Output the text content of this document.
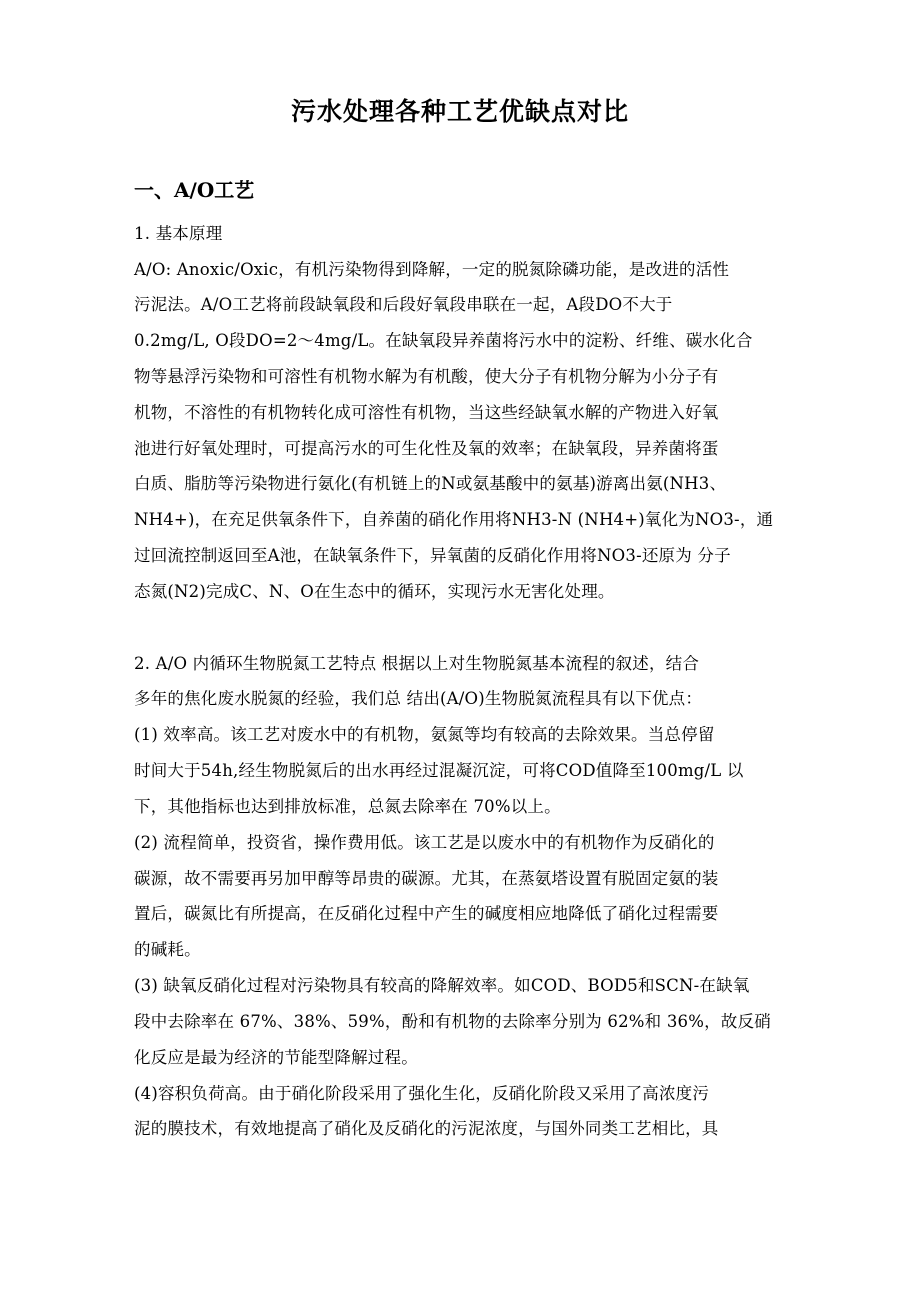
污水处理各种工艺优缺点对比
一、A/O工艺
1. 基本原理
A/O: Anoxic/Oxic，有机污染物得到降解，一定的脱氮除磷功能，是改进的活性
污泥法。A/O工艺将前段缺氧段和后段好氧段串联在一起，A段DO不大于
0.2mg/L, O段DO=2～4mg/L。在缺氧段异养菌将污水中的淀粉、纤维、碳水化合
物等悬浮污染物和可溶性有机物水解为有机酸，使大分子有机物分解为小分子有
机物，不溶性的有机物转化成可溶性有机物，当这些经缺氧水解的产物进入好氧
池进行好氧处理时，可提高污水的可生化性及氧的效率；在缺氧段，异养菌将蛋
白质、脂肪等污染物进行氨化(有机链上的N或氨基酸中的氨基)游离出氨(NH3、
NH4+)，在充足供氧条件下，自养菌的硝化作用将NH3-N (NH4+)氧化为NO3-，通
过回流控制返回至A池，在缺氧条件下，异氧菌的反硝化作用将NO3-还原为 分子
态氮(N2)完成C、N、O在生态中的循环，实现污水无害化处理。
2. A/O 内循环生物脱氮工艺特点 根据以上对生物脱氮基本流程的叙述，结合
多年的焦化废水脱氮的经验，我们总 结出(A/O)生物脱氮流程具有以下优点：
(1) 效率高。该工艺对废水中的有机物，氨氮等均有较高的去除效果。当总停留
时间大于54h,经生物脱氮后的出水再经过混凝沉淀，可将COD值降至100mg/L 以
下，其他指标也达到排放标准，总氮去除率在 70%以上。
(2) 流程简单，投资省，操作费用低。该工艺是以废水中的有机物作为反硝化的
碳源，故不需要再另加甲醇等昂贵的碳源。尤其，在蒸氨塔设置有脱固定氨的装
置后，碳氮比有所提高，在反硝化过程中产生的碱度相应地降低了硝化过程需要
的碱耗。
(3) 缺氧反硝化过程对污染物具有较高的降解效率。如COD、BOD5和SCN-在缺氧
段中去除率在 67%、38%、59%，酚和有机物的去除率分别为 62%和 36%，故反硝
化反应是最为经济的节能型降解过程。
(4)容积负荷高。由于硝化阶段采用了强化生化，反硝化阶段又采用了高浓度污
泥的膜技术，有效地提高了硝化及反硝化的污泥浓度，与国外同类工艺相比，具
